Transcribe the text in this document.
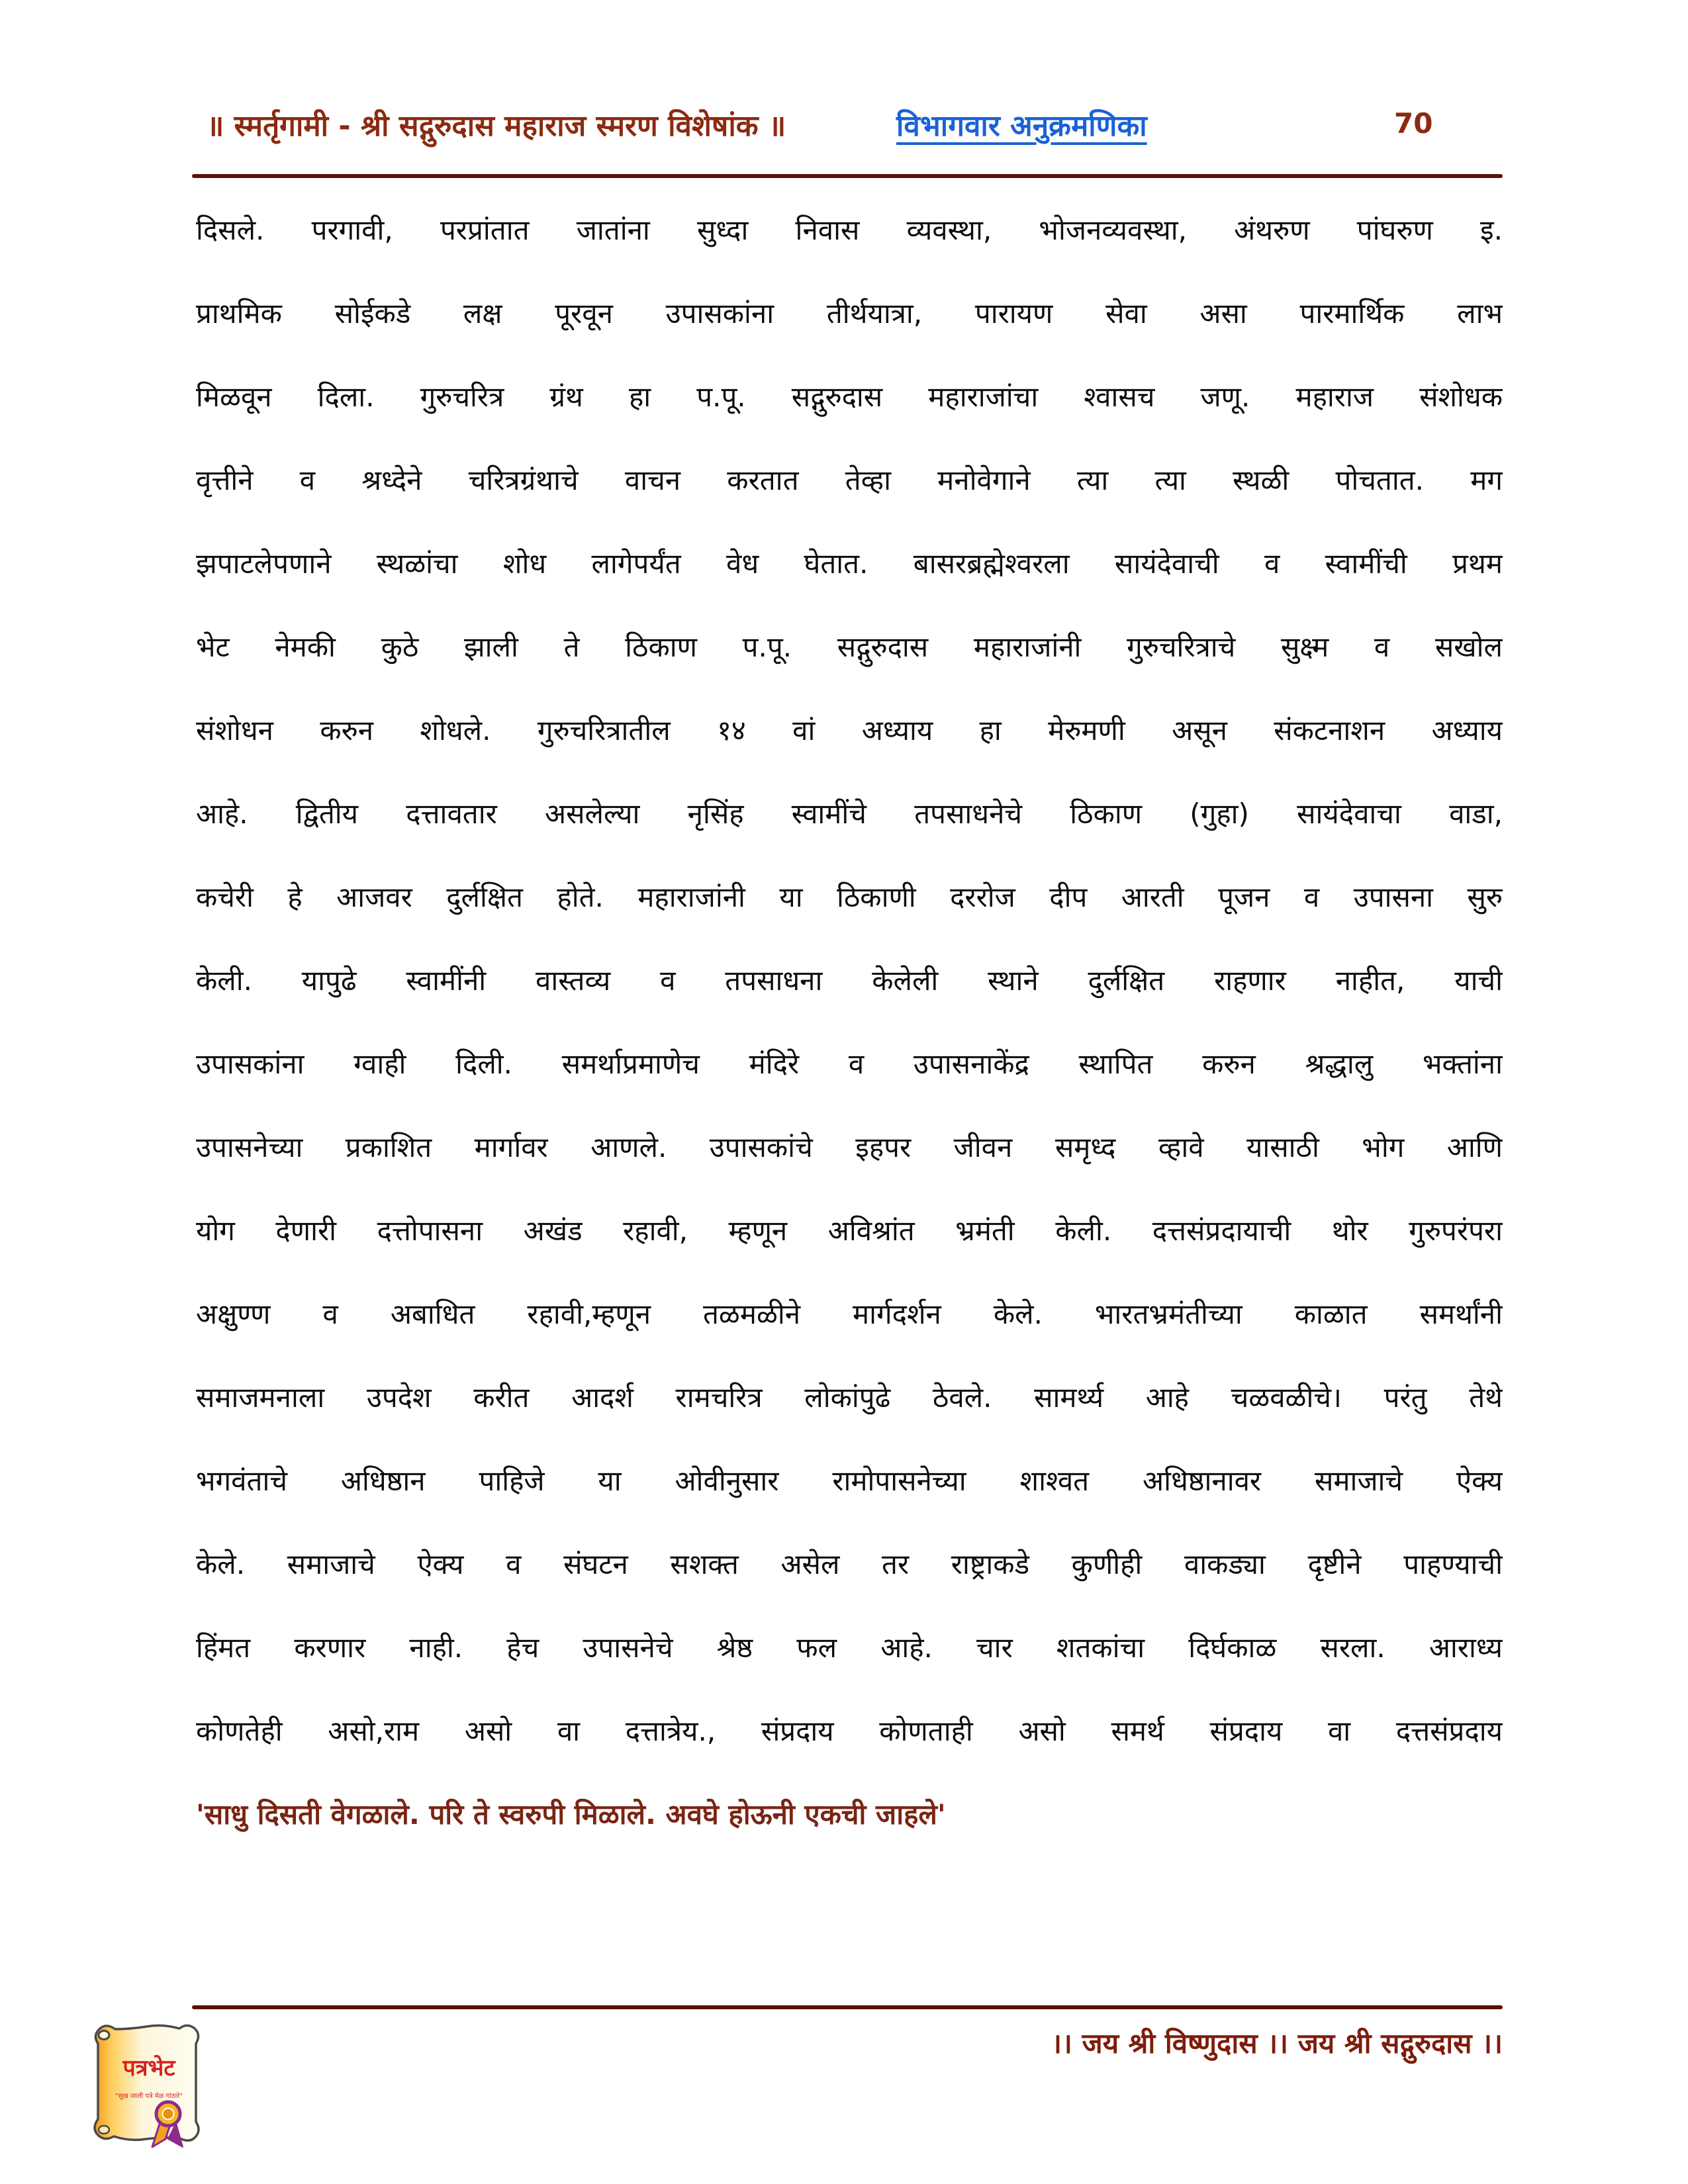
॥ स्मर्तृगामी - श्री सद्गुरुदास महाराज स्मरण विशेषांक ॥	विभागवार अनुक्रमणिका	70
दिसले. परगावी, परप्रांतात जातांना सुध्दा निवास व्यवस्था, भोजनव्यवस्था, अंथरुण पांघरुण इ.
प्राथमिक सोईकडे लक्ष पूरवून उपासकांना तीर्थयात्रा, पारायण सेवा असा पारमार्थिक लाभ
मिळवून दिला. गुरुचरित्र ग्रंथ हा प.पू. सद्गुरुदास महाराजांचा श्वासच जणू. महाराज संशोधक
वृत्तीने व श्रध्देने चरित्रग्रंथाचे वाचन करतात तेव्हा मनोवेगाने त्या त्या स्थळी पोचतात. मग
झपाटलेपणाने स्थळांचा शोध लागेपर्यंत वेध घेतात. बासरब्रह्मेश्वरला सायंदेवाची व स्वामींची प्रथम
भेट नेमकी कुठे झाली ते ठिकाण प.पू. सद्गुरुदास महाराजांनी गुरुचरित्राचे सुक्ष्म व सखोल
संशोधन करुन शोधले. गुरुचरित्रातील १४ वां अध्याय हा मेरुमणी असून संकटनाशन अध्याय
आहे. द्वितीय दत्तावतार असलेल्या नृसिंह स्वामींचे तपसाधनेचे ठिकाण (गुहा) सायंदेवाचा वाडा,
कचेरी हे आजवर दुर्लक्षित होते. महाराजांनी या ठिकाणी दररोज दीप आरती पूजन व उपासना सुरु
केली. यापुढे स्वामींनी वास्तव्य व तपसाधना केलेली स्थाने दुर्लक्षित राहणार नाहीत, याची
उपासकांना ग्वाही दिली. समर्थाप्रमाणेच मंदिरे व उपासनाकेंद्र स्थापित करुन श्रद्धालु भक्तांना
उपासनेच्या प्रकाशित मार्गावर आणले. उपासकांचे इहपर जीवन समृध्द व्हावे यासाठी भोग आणि
योग देणारी दत्तोपासना अखंड रहावी, म्हणून अविश्रांत भ्रमंती केली. दत्तसंप्रदायाची थोर गुरुपरंपरा
अक्षुण्ण व अबाधित रहावी,म्हणून तळमळीने मार्गदर्शन केले. भारतभ्रमंतीच्या काळात समर्थांनी
समाजमनाला उपदेश करीत आदर्श रामचरित्र लोकांपुढे ठेवले. सामर्थ्य आहे चळवळीचे। परंतु तेथे
भगवंताचे अधिष्ठान पाहिजे या ओवीनुसार रामोपासनेच्या शाश्वत अधिष्ठानावर समाजाचे ऐक्य
केले. समाजाचे ऐक्य व संघटन सशक्त असेल तर राष्ट्राकडे कुणीही वाकड्या दृष्टीने पाहण्याची
हिंमत करणार नाही. हेच उपासनेचे श्रेष्ठ फल आहे. चार शतकांचा दिर्घकाळ सरला. आराध्य
कोणतेही असो,राम असो वा दत्तात्रेय., संप्रदाय कोणताही असो समर्थ संप्रदाय वा दत्तसंप्रदाय
'साधु दिसती वेगळाले. परि ते स्वरुपी मिळाले. अवघे होऊनी एकची जाहले'
।। जय श्री विष्णुदास ।। जय श्री सद्गुरुदास ।।
पत्रभेट
"सुख जाली पत्रे मेळ गांठारे"
